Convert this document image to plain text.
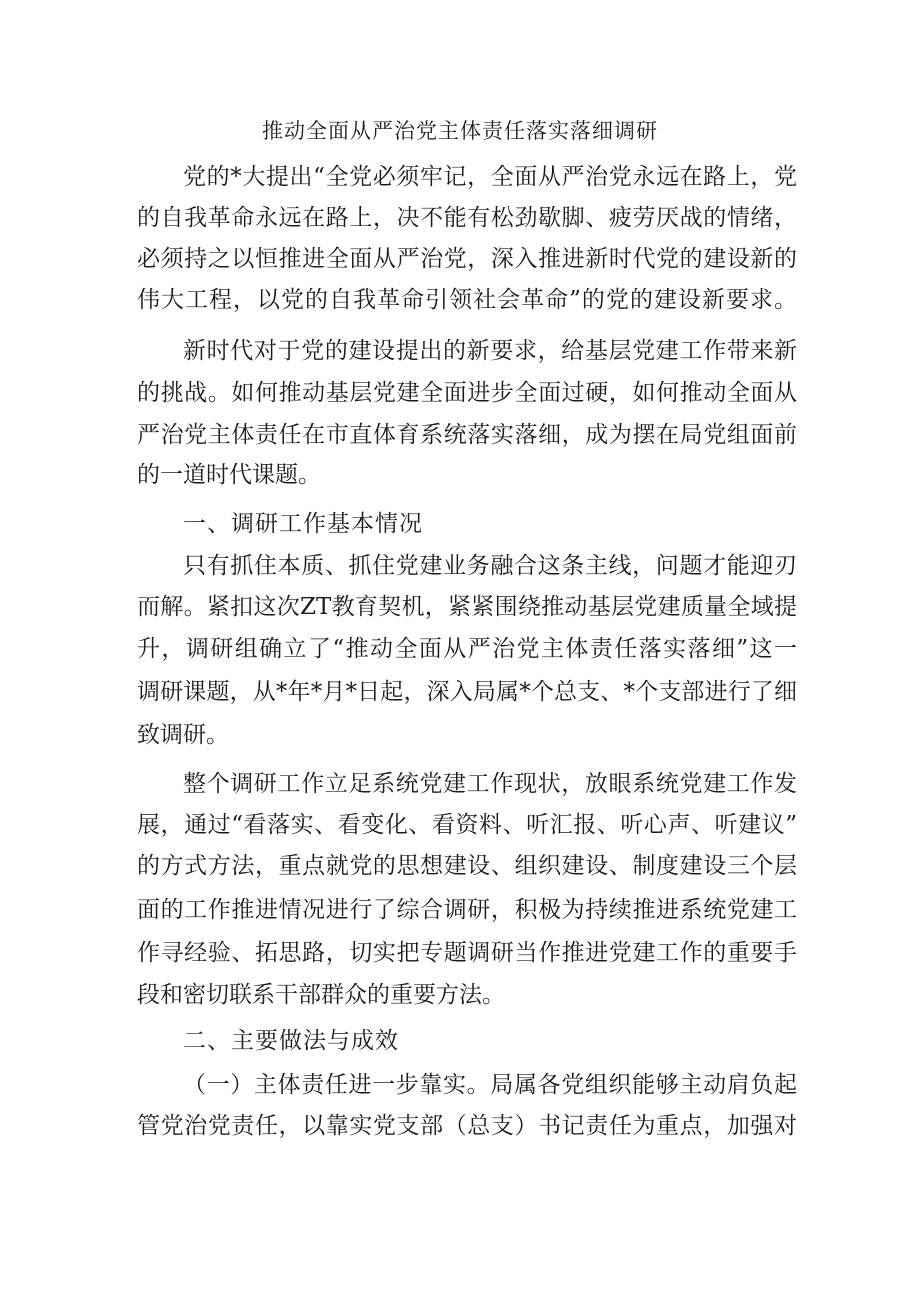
推动全面从严治党主体责任落实落细调研
党的*大提出“全党必须牢记，全面从严治党永远在路上，党
的自我革命永远在路上，决不能有松劲歇脚、疲劳厌战的情绪，
必须持之以恒推进全面从严治党，深入推进新时代党的建设新的
伟大工程，以党的自我革命引领社会革命”的党的建设新要求。
新时代对于党的建设提出的新要求，给基层党建工作带来新
的挑战。如何推动基层党建全面进步全面过硬，如何推动全面从
严治党主体责任在市直体育系统落实落细，成为摆在局党组面前
的一道时代课题。
一、调研工作基本情况
只有抓住本质、抓住党建业务融合这条主线，问题才能迎刃
而解。紧扣这次ZT教育契机，紧紧围绕推动基层党建质量全域提
升，调研组确立了“推动全面从严治党主体责任落实落细”这一
调研课题，从*年*月*日起，深入局属*个总支、*个支部进行了细
致调研。
整个调研工作立足系统党建工作现状，放眼系统党建工作发
展，通过“看落实、看变化、看资料、听汇报、听心声、听建议”
的方式方法，重点就党的思想建设、组织建设、制度建设三个层
面的工作推进情况进行了综合调研，积极为持续推进系统党建工
作寻经验、拓思路，切实把专题调研当作推进党建工作的重要手
段和密切联系干部群众的重要方法。
二、主要做法与成效
（一）主体责任进一步靠实。局属各党组织能够主动肩负起
管党治党责任，以靠实党支部（总支）书记责任为重点，加强对
